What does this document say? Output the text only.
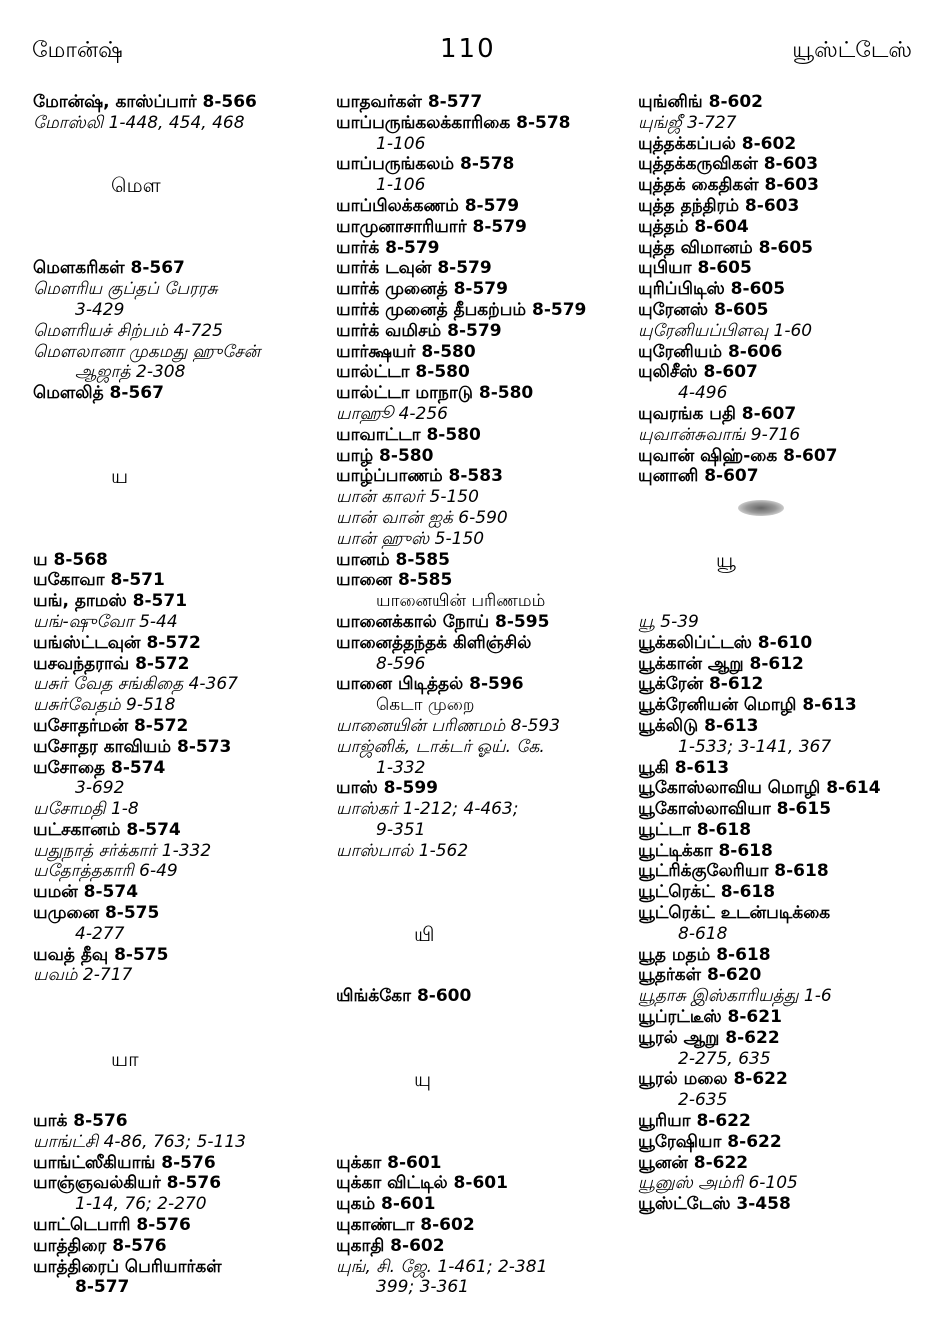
மோன்ஷ்	110	யூஸ்ட்டேஸ்
மோன்ஷ், காஸ்ப்பார் 8-566
மோஸ்லி 1-448, 454, 468
மௌ
மௌகரிகள் 8-567
மௌரிய குப்தப் பேரரசு
3-429
மௌரியச் சிற்பம் 4-725
மௌலானா முகமது ஹுசேன்
ஆஜாத் 2-308
மௌலித் 8-567
ய
ய 8-568
யகோவா 8-571
யங், தாமஸ் 8-571
யங்-ஷுவோ 5-44
யங்ஸ்ட்டவுன் 8-572
யசவந்தராவ் 8-572
யசுர் வேத சங்கிதை 4-367
யசுர்வேதம் 9-518
யசோதர்மன் 8-572
யசோதர காவியம் 8-573
யசோதை 8-574
3-692
யசோமதி 1-8
யட்சகானம் 8-574
யதுநாத் சர்க்கார் 1-332
யதோத்தகாரி 6-49
யமன் 8-574
யமுனை 8-575
4-277
யவத் தீவு 8-575
யவம் 2-717
யா
யாக் 8-576
யாங்ட்சி 4-86, 763; 5-113
யாங்ட்ஸீகியாங் 8-576
யாஞ்ஞவல்கியர் 8-576
1-14, 76; 2-270
யாட்டெபாரி 8-576
யாத்திரை 8-576
யாத்திரைப் பெரியார்கள்
8-577
யாதவர்கள் 8-577
யாப்பருங்கலக்காரிகை 8-578
1-106
யாப்பருங்கலம் 8-578
1-106
யாப்பிலக்கணம் 8-579
யாமுனாசாரியார் 8-579
யார்க் 8-579
யார்க் டவுன் 8-579
யார்க் முனைத் 8-579
யார்க் முனைத் தீபகற்பம் 8-579
யார்க் வமிசம் 8-579
யார்க்ஷயர் 8-580
யால்ட்டா 8-580
யால்ட்டா மாநாடு 8-580
யாஹூ 4-256
யாவாட்டா 8-580
யாழ் 8-580
யாழ்ப்பாணம் 8-583
யான் காலர் 5-150
யான் வான் ஐக் 6-590
யான் ஹுஸ் 5-150
யானம் 8-585
யானை 8-585
யானையின் பரிணமம்
யானைக்கால் நோய் 8-595
யானைத்தந்தக் கிளிஞ்சில்
8-596
யானை பிடித்தல் 8-596
கெடா முறை
யானையின் பரிணமம் 8-593
யாஜ்னிக், டாக்டர் ஓய். கே.
1-332
யாஸ் 8-599
யாஸ்கர் 1-212; 4-463;
9-351
யாஸ்பால் 1-562
யி
யிங்க்கோ 8-600
யு
யுக்கா 8-601
யுக்கா விட்டில் 8-601
யுகம் 8-601
யுகாண்டா 8-602
யுகாதி 8-602
யுங், சி. ஜே. 1-461; 2-381
399; 3-361
யுங்னிங் 8-602
யுங்ஜீ 3-727
யுத்தக்கப்பல் 8-602
யுத்தக்கருவிகள் 8-603
யுத்தக் கைதிகள் 8-603
யுத்த தந்திரம் 8-603
யுத்தம் 8-604
யுத்த விமானம் 8-605
யுபியா 8-605
யுரிப்பிடிஸ் 8-605
யுரேனஸ் 8-605
யுரேனியப்பிளவு 1-60
யுரேனியம் 8-606
யுலிசீஸ் 8-607
4-496
யுவரங்க பதி 8-607
யுவான்சுவாங் 9-716
யுவான் ஷிஹ்-கை 8-607
யுனானி 8-607
யூ
யூ 5-39
யூக்கலிப்ட்டஸ் 8-610
யூக்கான் ஆறு 8-612
யூக்ரேன் 8-612
யூக்ரேனியன் மொழி 8-613
யூக்லிடு 8-613
1-533; 3-141, 367
யூகி 8-613
யூகோஸ்லாவிய மொழி 8-614
யூகோஸ்லாவியா 8-615
யூட்டா 8-618
யூட்டிக்கா 8-618
யூட்ரிக்குலேரியா 8-618
யூட்ரெக்ட் 8-618
யூட்ரெக்ட் உடன்படிக்கை
8-618
யூத மதம் 8-618
யூதர்கள் 8-620
யூதாசு இஸ்காரியத்து 1-6
யூப்ரட்டீஸ் 8-621
யூரல் ஆறு 8-622
2-275, 635
யூரல் மலை 8-622
2-635
யூரியா 8-622
யூரேஷியா 8-622
யூனன் 8-622
யூனுஸ் அம்ரி 6-105
யூஸ்ட்டேஸ் 3-458
